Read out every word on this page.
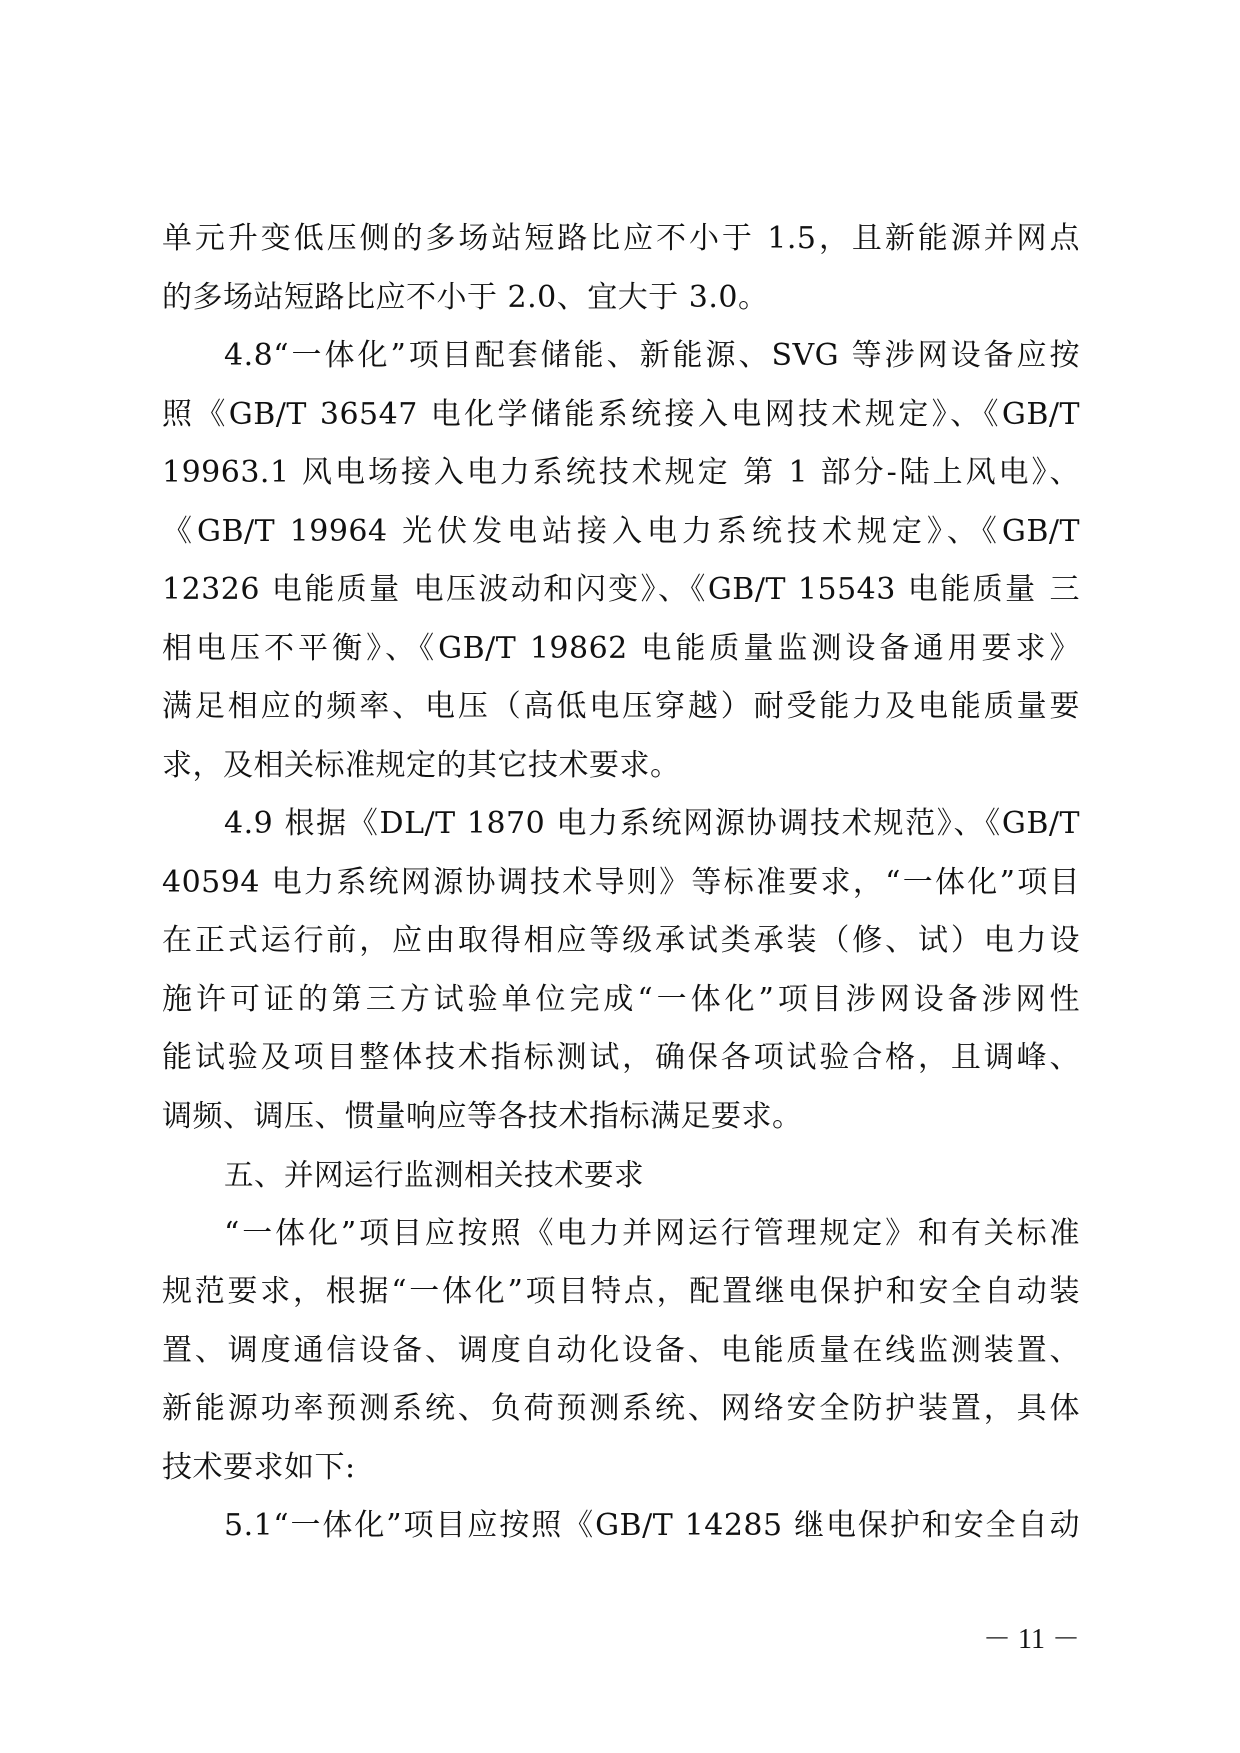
单元升变低压侧的多场站短路比应不小于 1.5，且新能源并网点
的多场站短路比应不小于 2.0、宜大于 3.0。
4.8“一体化”项目配套储能、新能源、SVG 等涉网设备应按
照《GB/T 36547 电化学储能系统接入电网技术规定》、《GB/T
19963.1 风电场接入电力系统技术规定 第 1 部分-陆上风电》、
《GB/T 19964 光伏发电站接入电力系统技术规定》、《GB/T
12326 电能质量 电压波动和闪变》、《GB/T 15543 电能质量 三
相电压不平衡》、《GB/T 19862 电能质量监测设备通用要求》
满足相应的频率、电压（高低电压穿越）耐受能力及电能质量要
求，及相关标准规定的其它技术要求。
4.9 根据《DL/T 1870 电力系统网源协调技术规范》、《GB/T
40594 电力系统网源协调技术导则》等标准要求，“一体化”项目
在正式运行前，应由取得相应等级承试类承装（修、试）电力设
施许可证的第三方试验单位完成“一体化”项目涉网设备涉网性
能试验及项目整体技术指标测试，确保各项试验合格，且调峰、
调频、调压、惯量响应等各技术指标满足要求。
五、并网运行监测相关技术要求
“一体化”项目应按照《电力并网运行管理规定》和有关标准
规范要求，根据“一体化”项目特点，配置继电保护和安全自动装
置、调度通信设备、调度自动化设备、电能质量在线监测装置、
新能源功率预测系统、负荷预测系统、网络安全防护装置，具体
技术要求如下:
5.1“一体化”项目应按照《GB/T 14285 继电保护和安全自动
－ 11 －
